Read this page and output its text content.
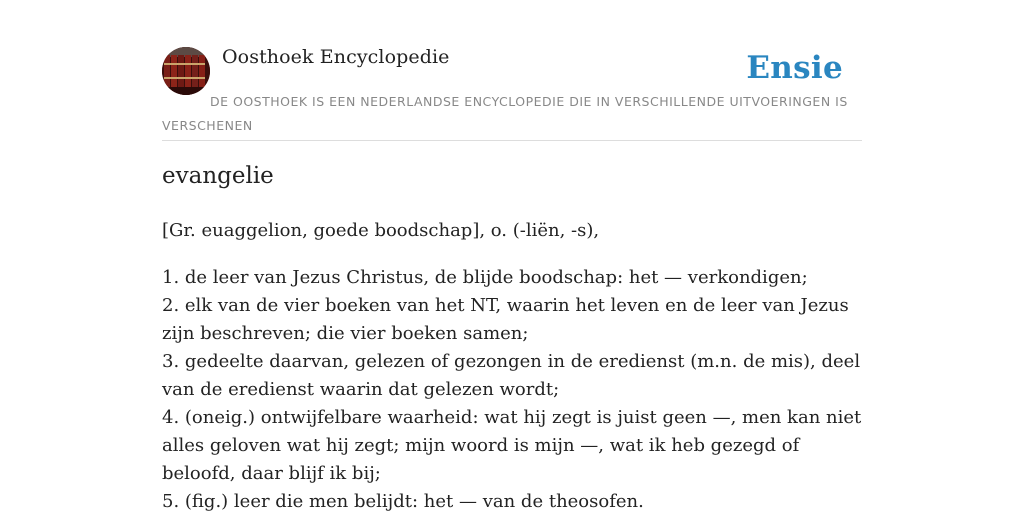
Oosthoek Encyclopedie	Ensie
DE OOSTHOEK IS EEN NEDERLANDSE ENCYCLOPEDIE DIE IN VERSCHILLENDE UITVOERINGEN IS VERSCHENEN
evangelie

[Gr. euaggelion, goede boodschap], o. (-liën, -s),

1. de leer van Jezus Christus, de blijde boodschap: het — verkondigen;
2. elk van de vier boeken van het NT, waarin het leven en de leer van Jezus zijn beschreven; die vier boeken samen;
3. gedeelte daarvan, gelezen of gezongen in de eredienst (m.n. de mis), deel van de eredienst waarin dat gelezen wordt;
4. (oneig.) ontwijfelbare waarheid: wat hij zegt is juist geen —, men kan niet alles geloven wat hij zegt; mijn woord is mijn —, wat ik heb gezegd of beloofd, daar blijf ik bij;
5. (fig.) leer die men belijdt: het — van de theosofen.
